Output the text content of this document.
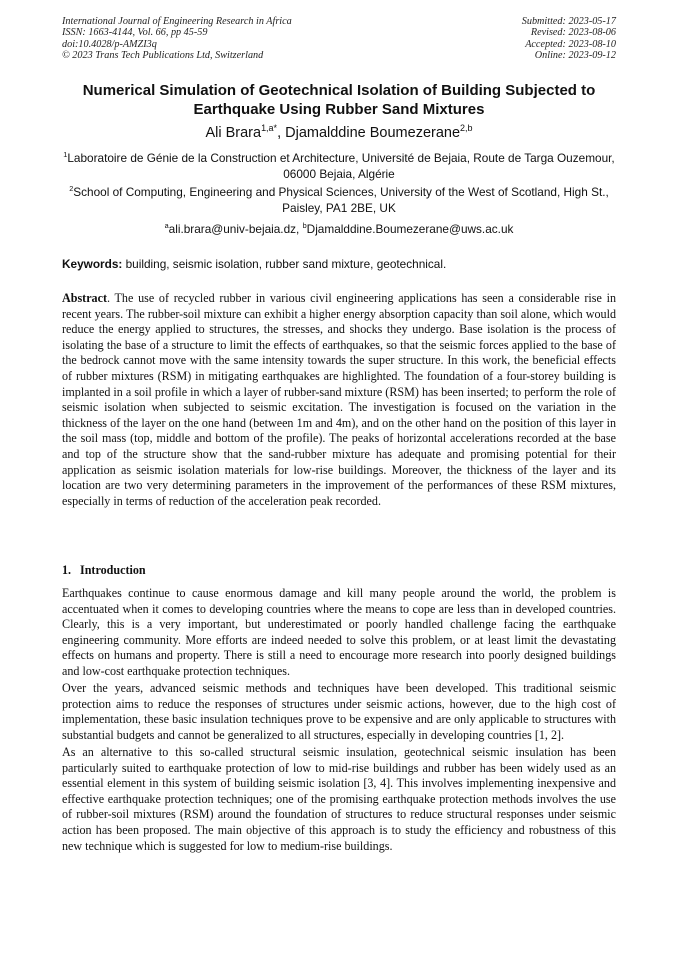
International Journal of Engineering Research in Africa
ISSN: 1663-4144, Vol. 66, pp 45-59
doi:10.4028/p-AMZI3q
© 2023 Trans Tech Publications Ltd, Switzerland
Submitted: 2023-05-17
Revised: 2023-08-06
Accepted: 2023-08-10
Online: 2023-09-12
Numerical Simulation of Geotechnical Isolation of Building Subjected to Earthquake Using Rubber Sand Mixtures
Ali Brara$^{1,a*}$, Djamalddine Boumezerane$^{2,b}$
$^1$Laboratoire de Génie de la Construction et Architecture, Université de Bejaia, Route de Targa Ouzemour, 06000 Bejaia, Algérie
$^2$School of Computing, Engineering and Physical Sciences, University of the West of Scotland, High St., Paisley, PA1 2BE, UK
$^a$ali.brara@univ-bejaia.dz, $^b$Djamalddine.Boumezerane@uws.ac.uk
Keywords: building, seismic isolation, rubber sand mixture, geotechnical.
Abstract. The use of recycled rubber in various civil engineering applications has seen a considerable rise in recent years. The rubber-soil mixture can exhibit a higher energy absorption capacity than soil alone, which would reduce the energy applied to structures, the stresses, and shocks they undergo. Base isolation is the process of isolating the base of a structure to limit the effects of earthquakes, so that the seismic forces applied to the base of the bedrock cannot move with the same intensity towards the super structure. In this work, the beneficial effects of rubber mixtures (RSM) in mitigating earthquakes are highlighted. The foundation of a four-storey building is implanted in a soil profile in which a layer of rubber-sand mixture (RSM) has been inserted; to perform the role of seismic isolation when subjected to seismic excitation. The investigation is focused on the variation in the thickness of the layer on the one hand (between 1m and 4m), and on the other hand on the position of this layer in the soil mass (top, middle and bottom of the profile). The peaks of horizontal accelerations recorded at the base and top of the structure show that the sand-rubber mixture has adequate and promising potential for their application as seismic isolation materials for low-rise buildings. Moreover, the thickness of the layer and its location are two very determining parameters in the improvement of the performances of these RSM mixtures, especially in terms of reduction of the acceleration peak recorded.
1. Introduction

Earthquakes continue to cause enormous damage and kill many people around the world, the problem is accentuated when it comes to developing countries where the means to cope are less than in developed countries. Clearly, this is a very important, but underestimated or poorly handled challenge facing the earthquake engineering community. More efforts are indeed needed to solve this problem, or at least limit the devastating effects on humans and property. There is still a need to encourage more research into poorly designed buildings and low-cost earthquake protection techniques.

Over the years, advanced seismic methods and techniques have been developed. This traditional seismic protection aims to reduce the responses of structures under seismic actions, however, due to the high cost of implementation, these basic insulation techniques prove to be expensive and are only applicable to structures with substantial budgets and cannot be generalized to all structures, especially in developing countries [1, 2].

As an alternative to this so-called structural seismic insulation, geotechnical seismic insulation has been particularly suited to earthquake protection of low to mid-rise buildings and rubber has been widely used as an essential element in this system of building seismic isolation [3, 4]. This involves implementing inexpensive and effective earthquake protection techniques; one of the promising earthquake protection methods involves the use of rubber-soil mixtures (RSM) around the foundation of structures to reduce structural responses under seismic action has been proposed. The main objective of this approach is to study the efficiency and robustness of this new technique which is suggested for low to medium-rise buildings.
